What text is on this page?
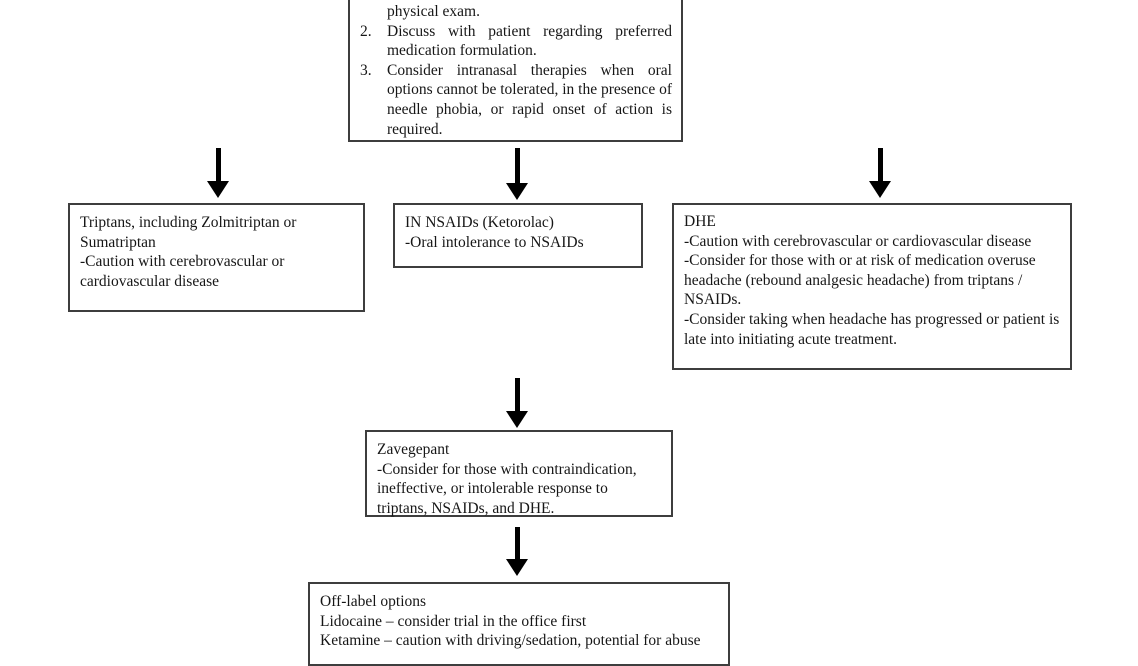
physical exam.
2. Discuss with patient regarding preferred medication formulation.
3. Consider intranasal therapies when oral options cannot be tolerated, in the presence of needle phobia, or rapid onset of action is required.
Triptans, including Zolmitriptan or Sumatriptan
-Caution with cerebrovascular or cardiovascular disease
IN NSAIDs (Ketorolac)
-Oral intolerance to NSAIDs
DHE
-Caution with cerebrovascular or cardiovascular disease
-Consider for those with or at risk of medication overuse headache (rebound analgesic headache) from triptans / NSAIDs.
-Consider taking when headache has progressed or patient is late into initiating acute treatment.
Zavegepant
-Consider for those with contraindication, ineffective, or intolerable response to triptans, NSAIDs, and DHE.
Off-label options
Lidocaine – consider trial in the office first
Ketamine – caution with driving/sedation, potential for abuse
